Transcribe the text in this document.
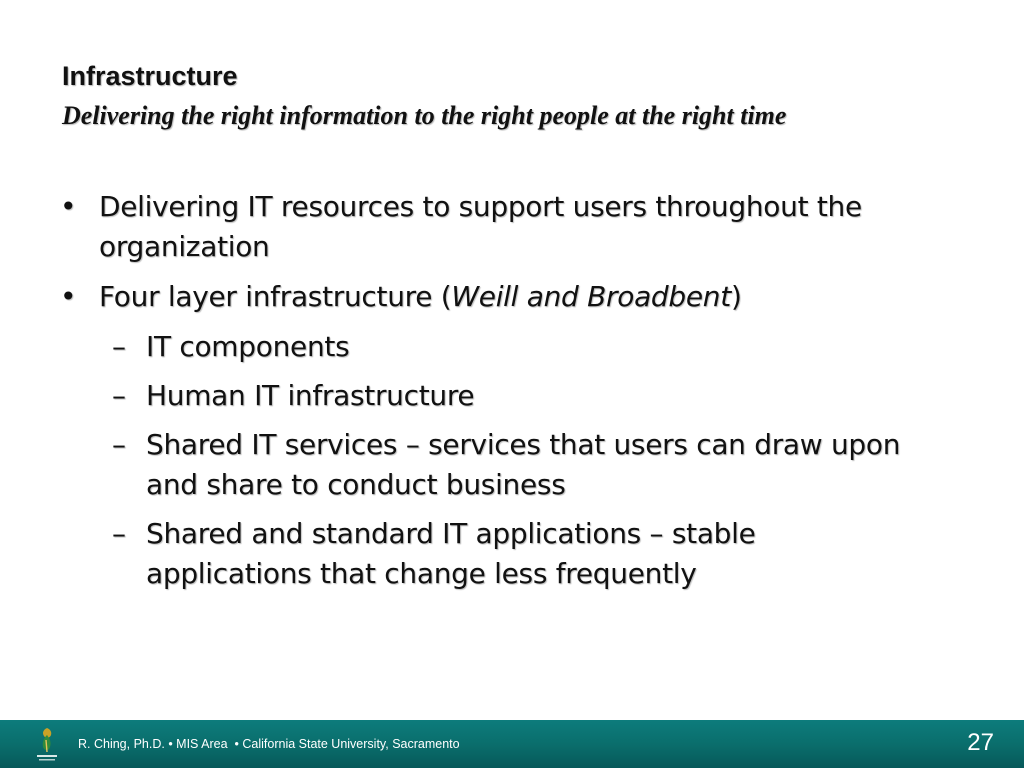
Infrastructure

Delivering the right information to the right people at the right time

• Delivering IT resources to support users throughout the organization
• Four layer infrastructure (Weill and Broadbent)
– IT components
– Human IT infrastructure
– Shared IT services – services that users can draw upon and share to conduct business
– Shared and standard IT applications – stable applications that change less frequently
R. Ching, Ph.D. • MIS Area  • California State University, Sacramento	27
